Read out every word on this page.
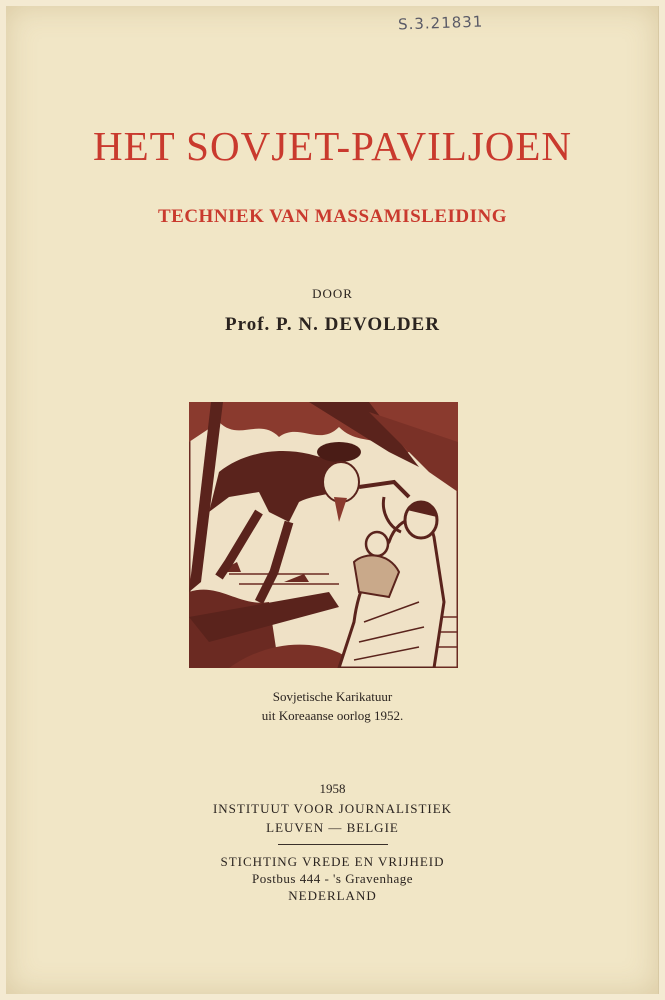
S.3.21831
HET SOVJET-PAVILJOEN
TECHNIEK VAN MASSAMISLEIDING
DOOR
Prof. P. N. DEVOLDER
Sovjetische Karikatuur
uit Koreaanse oorlog 1952.
1958
INSTITUUT VOOR JOURNALISTIEK
LEUVEN — BELGIE
STICHTING VREDE EN VRIJHEID
Postbus 444 - 's Gravenhage
NEDERLAND
